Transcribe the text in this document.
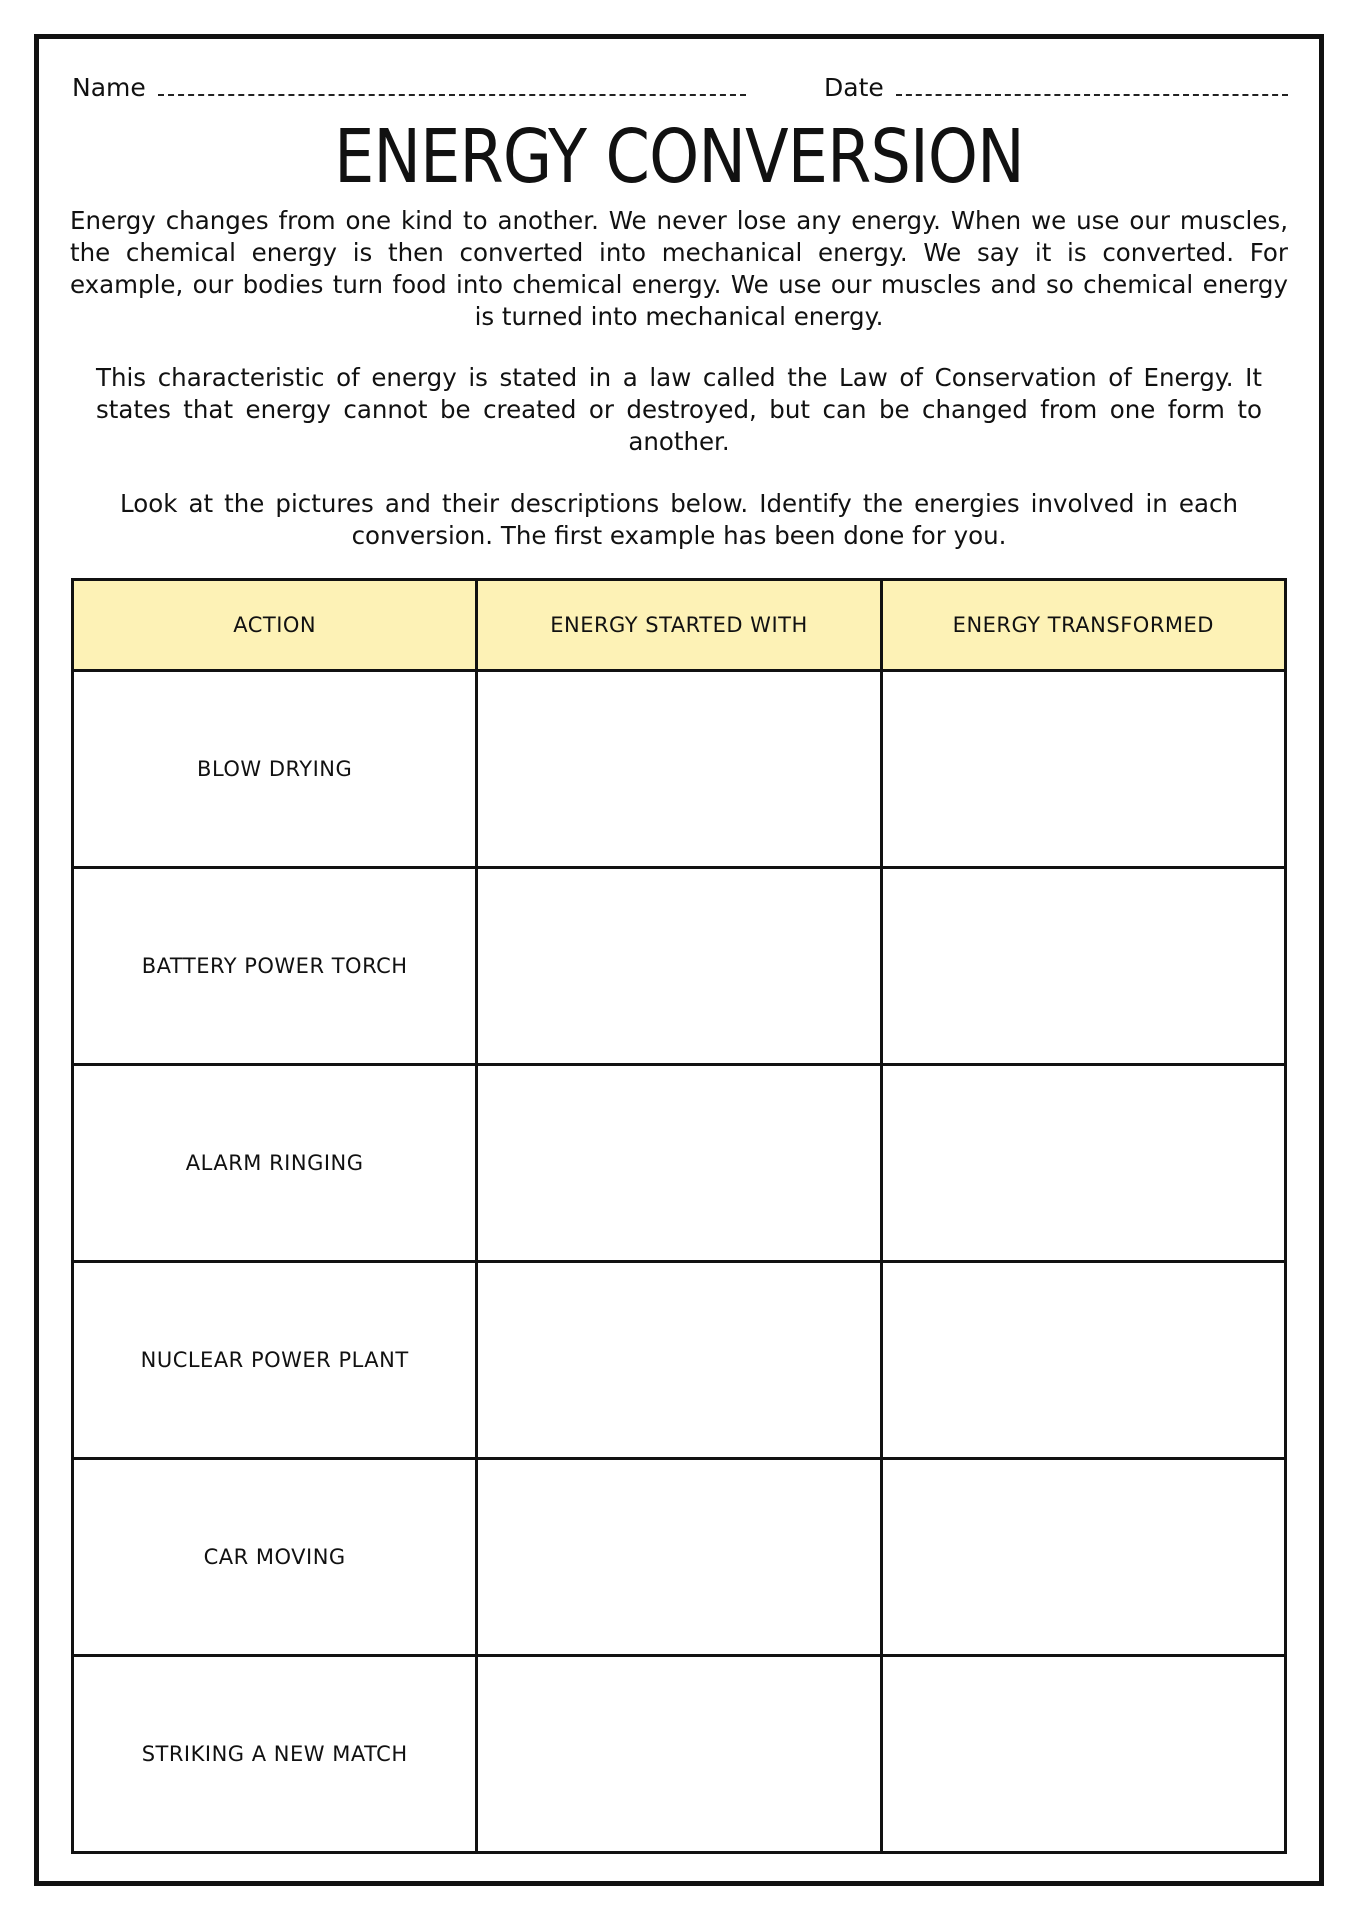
Name	Date
ENERGY CONVERSION
Energy changes from one kind to another. We never lose any energy. When we use our muscles, the chemical energy is then converted into mechanical energy. We say it is converted. For example, our bodies turn food into chemical energy. We use our muscles and so chemical energy is turned into mechanical energy.
This characteristic of energy is stated in a law called the Law of Conservation of Energy. It states that energy cannot be created or destroyed, but can be changed from one form to another.
Look at the pictures and their descriptions below. Identify the energies involved in each conversion. The first example has been done for you.
ACTION	ENERGY STARTED WITH	ENERGY TRANSFORMED
BLOW DRYING		
BATTERY POWER TORCH		
ALARM RINGING		
NUCLEAR POWER PLANT		
CAR MOVING		
STRIKING A NEW MATCH		
